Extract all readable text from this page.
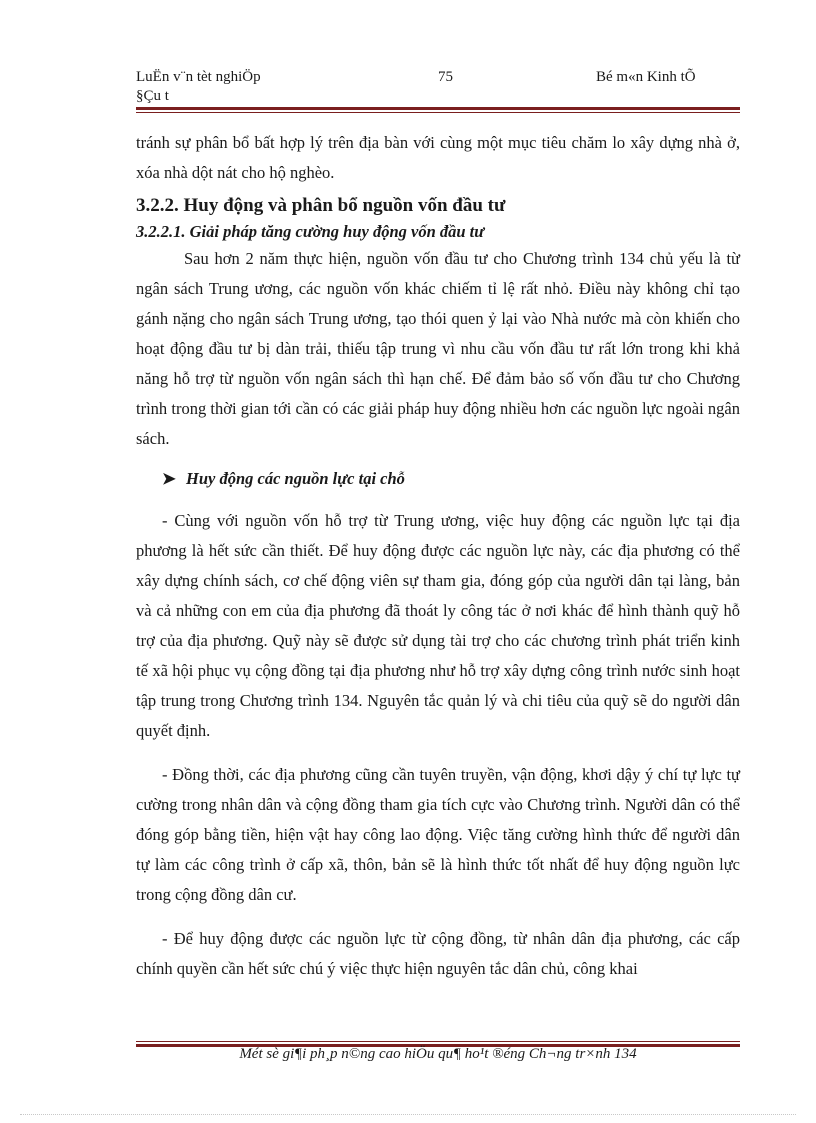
LuËn v¨n tèt nghiÖp
§Çu t
75	Bé m«n Kinh tÕ

tránh sự phân bổ bất hợp lý trên địa bàn với cùng một mục tiêu chăm lo xây dựng nhà ở, xóa nhà dột nát cho hộ nghèo.

3.2.2. Huy động và phân bổ nguồn vốn đầu tư
3.2.2.1. Giải pháp tăng cường huy động vốn đầu tư

Sau hơn 2 năm thực hiện, nguồn vốn đầu tư cho Chương trình 134 chủ yếu là từ ngân sách Trung ương, các nguồn vốn khác chiếm tỉ lệ rất nhỏ. Điều này không chỉ tạo gánh nặng cho ngân sách Trung ương, tạo thói quen ỷ lại vào Nhà nước mà còn khiến cho hoạt động đầu tư bị dàn trải, thiếu tập trung vì nhu cầu vốn đầu tư rất lớn trong khi khả năng hỗ trợ từ nguồn vốn ngân sách thì hạn chế. Để đảm bảo số vốn đầu tư cho Chương trình trong thời gian tới cần có các giải pháp huy động nhiều hơn các nguồn lực ngoài ngân sách.

➤ Huy động các nguồn lực tại chỗ

- Cùng với nguồn vốn hỗ trợ từ Trung ương, việc huy động các nguồn lực tại địa phương là hết sức cần thiết. Để huy động được các nguồn lực này, các địa phương có thể xây dựng chính sách, cơ chế động viên sự tham gia, đóng góp của người dân tại làng, bản và cả những con em của địa phương đã thoát ly công tác ở nơi khác để hình thành quỹ hỗ trợ của địa phương. Quỹ này sẽ được sử dụng tài trợ cho các chương trình phát triển kinh tế xã hội phục vụ cộng đồng tại địa phương như hỗ trợ xây dựng công trình nước sinh hoạt tập trung trong Chương trình 134. Nguyên tắc quản lý và chi tiêu của quỹ sẽ do người dân quyết định.

- Đồng thời, các địa phương cũng cần tuyên truyền, vận động, khơi dậy ý chí tự lực tự cường trong nhân dân và cộng đồng tham gia tích cực vào Chương trình. Người dân có thể đóng góp bằng tiền, hiện vật hay công lao động. Việc tăng cường hình thức để người dân tự làm các công trình ở cấp xã, thôn, bản sẽ là hình thức tốt nhất để huy động nguồn lực trong cộng đồng dân cư.

- Để huy động được các nguồn lực từ cộng đồng, từ nhân dân địa phương, các cấp chính quyền cần hết sức chú ý việc thực hiện nguyên tắc dân chủ, công khai

Mét sè gi¶i ph¸p n©ng cao hiÖu qu¶ ho¹t ®éng Ch¬ng tr×nh 134
